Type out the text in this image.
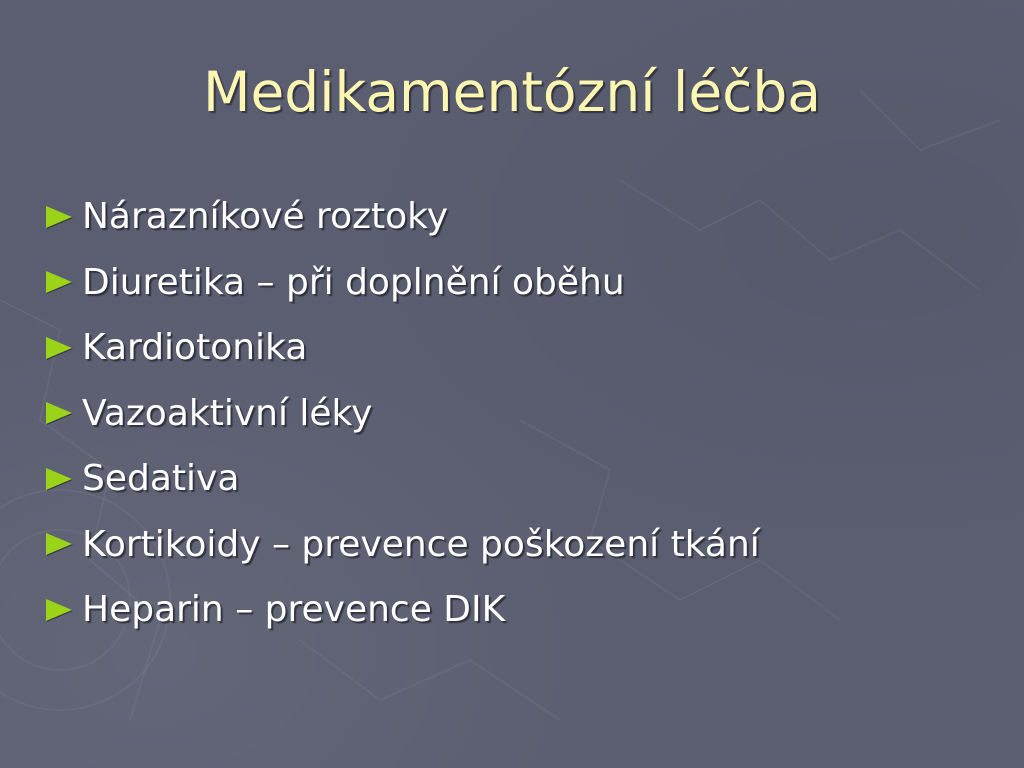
Medikamentózní léčba
Nárazníkové roztoky
Diuretika – při doplnění oběhu
Kardiotonika
Vazoaktivní léky
Sedativa
Kortikoidy – prevence poškození tkání
Heparin – prevence DIK
